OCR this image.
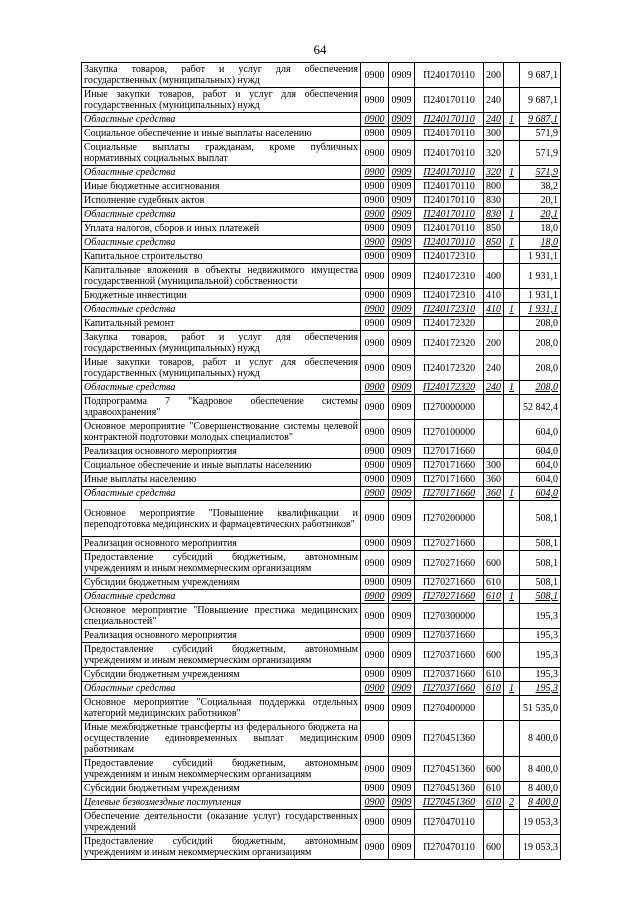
64
Закупка товаров, работ и услуг для обеспечения государственных (муниципальных) нужд	0900	0909	П240170110	200		9 687,1
Иные закупки товаров, работ и услуг для обеспечения государственных (муниципальных) нужд	0900	0909	П240170110	240		9 687,1
Областные средства	0900	0909	П240170110	240	1	9 687,1
Социальное обеспечение и иные выплаты населению	0900	0909	П240170110	300		571,9
Социальные выплаты гражданам, кроме публичных нормативных социальных выплат	0900	0909	П240170110	320		571,9
Областные средства	0900	0909	П240170110	320	1	571,9
Иные бюджетные ассигнования	0900	0909	П240170110	800		38,2
Исполнение судебных актов	0900	0909	П240170110	830		20,1
Областные средства	0900	0909	П240170110	830	1	20,1
Уплата налогов, сборов и иных платежей	0900	0909	П240170110	850		18,0
Областные средства	0900	0909	П240170110	850	1	18,0
Капитальное строительство	0900	0909	П240172310			1 931,1
Капитальные вложения в объекты недвижимого имущества государственной (муниципальной) собственности	0900	0909	П240172310	400		1 931,1
Бюджетные инвестиции	0900	0909	П240172310	410		1 931,1
Областные средства	0900	0909	П240172310	410	1	1 931,1
Капитальный ремонт	0900	0909	П240172320			208,0
Закупка товаров, работ и услуг для обеспечения государственных (муниципальных) нужд	0900	0909	П240172320	200		208,0
Иные закупки товаров, работ и услуг для обеспечения государственных (муниципальных) нужд	0900	0909	П240172320	240		208,0
Областные средства	0900	0909	П240172320	240	1	208,0
Подпрограмма 7 "Кадровое обеспечение системы здравоохранения"	0900	0909	П270000000			52 842,4
Основное мероприятие "Совершенствование системы целевой контрактной подготовки молодых специалистов"	0900	0909	П270100000			604,0
Реализация основного мероприятия	0900	0909	П270171660			604,0
Социальное обеспечение и иные выплаты населению	0900	0909	П270171660	300		604,0
Иные выплаты населению	0900	0909	П270171660	360		604,0
Областные средства	0900	0909	П270171660	360	1	604,0
Основное мероприятие "Повышение квалификации и переподготовка медицинских и фармацевтических работников"	0900	0909	П270200000			508,1
Реализация основного мероприятия	0900	0909	П270271660			508,1
Предоставление субсидий бюджетным, автономным учреждениям и иным некоммерческим организациям	0900	0909	П270271660	600		508,1
Субсидии бюджетным учреждениям	0900	0909	П270271660	610		508,1
Областные средства	0900	0909	П270271660	610	1	508,1
Основное мероприятие "Повышение престижа медицинских специальностей"	0900	0909	П270300000			195,3
Реализация основного мероприятия	0900	0909	П270371660			195,3
Предоставление субсидий бюджетным, автономным учреждениям и иным некоммерческим организациям	0900	0909	П270371660	600		195,3
Субсидии бюджетным учреждениям	0900	0909	П270371660	610		195,3
Областные средства	0900	0909	П270371660	610	1	195,3
Основное мероприятие "Социальная поддержка отдельных категорий медицинских работников"	0900	0909	П270400000			51 535,0
Иные межбюджетные трансферты из федерального бюджета на осуществление единовременных выплат медицинским работникам	0900	0909	П270451360			8 400,0
Предоставление субсидий бюджетным, автономным учреждениям и иным некоммерческим организациям	0900	0909	П270451360	600		8 400,0
Субсидии бюджетным учреждениям	0900	0909	П270451360	610		8 400,0
Целевые безвозмездные поступления	0900	0909	П270451360	610	2	8 400,0
Обеспечение деятельности (оказание услуг) государственных учреждений	0900	0909	П270470110			19 053,3
Предоставление субсидий бюджетным, автономным учреждениям и иным некоммерческим организациям	0900	0909	П270470110	600		19 053,3
